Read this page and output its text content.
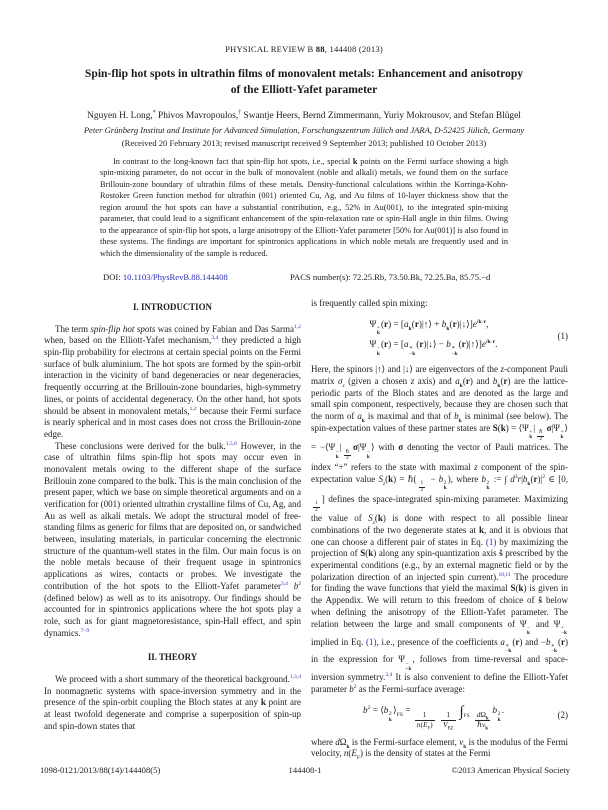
PHYSICAL REVIEW B 88, 144408 (2013)
Spin-flip hot spots in ultrathin films of monovalent metals: Enhancement and anisotropy
of the Elliott-Yafet parameter
Nguyen H. Long,* Phivos Mavropoulos,† Swantje Heers, Bernd Zimmermann, Yuriy Mokrousov, and Stefan Blügel
Peter Grünberg Institut and Institute for Advanced Simulation, Forschungszentrum Jülich and JARA, D-52425 Jülich, Germany
(Received 20 February 2013; revised manuscript received 9 September 2013; published 10 October 2013)
In contrast to the long-known fact that spin-flip hot spots, i.e., special k points on the Fermi surface showing a high spin-mixing parameter, do not occur in the bulk of monovalent (noble and alkali) metals, we found them on the surface Brillouin-zone boundary of ultrathin films of these metals. Density-functional calculations within the Korringa-Kohn-Rostoker Green function method for ultrathin (001) oriented Cu, Ag, and Au films of 10-layer thickness show that the region around the hot spots can have a substantial contribution, e.g., 52% in Au(001), to the integrated spin-mixing parameter, that could lead to a significant enhancement of the spin-relaxation rate or spin-Hall angle in thin films. Owing to the appearance of spin-flip hot spots, a large anisotropy of the Elliott-Yafet parameter [50% for Au(001)] is also found in these systems. The findings are important for spintronics applications in which noble metals are frequently used and in which the dimensionality of the sample is reduced.
DOI: 10.1103/PhysRevB.88.144408	PACS number(s): 72.25.Rb, 73.50.Bk, 72.25.Ba, 85.75.−d
I. INTRODUCTION
The term spin-flip hot spots was coined by Fabian and Das Sarma$^{1,2}$ when, based on the Elliott-Yafet mechanism,$^{3,4}$ they predicted a high spin-flip probability for electrons at certain special points on the Fermi surface of bulk aluminium. The hot spots are formed by the spin-orbit interaction in the vicinity of band degeneracies or near degeneracies, frequently occurring at the Brillouin-zone boundaries, high-symmetry lines, or points of accidental degeneracy. On the other hand, hot spots should be absent in monovalent metals,$^{1,2}$ because their Fermi surface is nearly spherical and in most cases does not cross the Brillouin-zone edge.
These conclusions were derived for the bulk.$^{1,5,6}$ However, in the case of ultrathin films spin-flip hot spots may occur even in monovalent metals owing to the different shape of the surface Brillouin zone compared to the bulk. This is the main conclusion of the present paper, which we base on simple theoretical arguments and on a verification for (001) oriented ultrathin crystalline films of Cu, Ag, and Au as well as alkali metals. We adopt the structural model of free-standing films as generic for films that are deposited on, or sandwiched between, insulating materials, in particular concerning the electronic structure of the quantum-well states in the film. Our main focus is on the noble metals because of their frequent usage in spintronics applications as wires, contacts or probes. We investigate the contribution of the hot spots to the Elliott-Yafet parameter$^{3,4}$ $b^2$ (defined below) as well as to its anisotropy. Our findings should be accounted for in spintronics applications where the hot spots play a role, such as for giant magnetoresistance, spin-Hall effect, and spin dynamics.$^{7-9}$
II. THEORY
We proceed with a short summary of the theoretical background.$^{1,3,4}$ In nonmagnetic systems with space-inversion symmetry and in the presence of the spin-orbit coupling the Bloch states at any k point are at least twofold degenerate and comprise a superposition of spin-up and spin-down states that
is frequently called spin mixing:
Ψ +
k
$(r) = [a_k(r)|↑⟩$ + $b_k(r)|↓⟩]e^{ik\cdot r}$,
Ψ −
k
(r) = [a ∗
−k
(r)|↓⟩ − b ∗
−k
$(r)|↑⟩]e^{ik\cdot r}$.
(1)
Here, the spinors |↑⟩ and |↓⟩ are eigenvectors of the z-component Pauli matrix $\sigma_z$ (given a chosen z axis) and $a_k(r)$ and $b_k(r)$ are the lattice-periodic parts of the Bloch states and are denoted as the large and small spin component, respectively, because they are chosen such that the norm of $a_k$ is maximal and that of $b_k$ is minimal (see below). The spin-expectation values of these partner states are S(k) = ⟨Ψ +
k
|
$\frac{\text{ℏ}}{2}$
σ|Ψ +
k
⟩ = −⟨Ψ −
k
|
$\frac{\text{ℏ}}{2}$
σ|Ψ −
k
⟩ with σ denoting the vector of Pauli matrices. The index “+” refers to the state with maximal z component of the spin-expectation value $S_z(k)$ = ℏ(
$\frac{1}{2}$
− b 2
k
), where b 2
k
:= ∫ $d^3r|b_k(r)|^2$ ∈ [0,
$\frac{1}{2}$
] defines the space-integrated spin-mixing parameter. Maximizing the value of $S_z(k)$ is done with respect to all possible linear combinations of the two degenerate states at k, and it is obvious that one can choose a different pair of states in Eq. (1) by maximizing the projection of S(k) along any spin-quantization axis ŝ prescribed by the experimental conditions (e.g., by an external magnetic field or by the polarization direction of an injected spin current).$^{10,11}$ The procedure for finding the wave functions that yield the maximal S(k) is given in the Appendix. We will return to this freedom of choice of ŝ below when defining the anisotropy of the Elliott-Yafet parameter. The relation between the large and small components of Ψ −
k
and Ψ +
−k
implied in Eq. (1), i.e., presence of the coefficients a ∗
−k
(r) and −b ∗
−k
(r) in the expression for Ψ −
+k
, follows from time-reversal and space-inversion symmetry.$^{3,4}$ It is also convenient to define the Elliott-Yafet parameter $b^2$ as the Fermi-surface average:
$b^2$ = ⟨b 2
k
$⟩_{FS}$ =
$\frac{1}{n(E_F)}$
$\frac{1}{V_{BZ}} \int_{FS} \frac{d\Omega_k}{\hbar v_k}$
b 2
k
.
(2)
where $d\Omega_k$ is the Fermi-surface element, $v_k$ is the modulus of the Fermi velocity, $n(E_F)$ is the density of states at the Fermi
1098-0121/2013/88(14)/144408(5)	144408-1	©2013 American Physical Society
